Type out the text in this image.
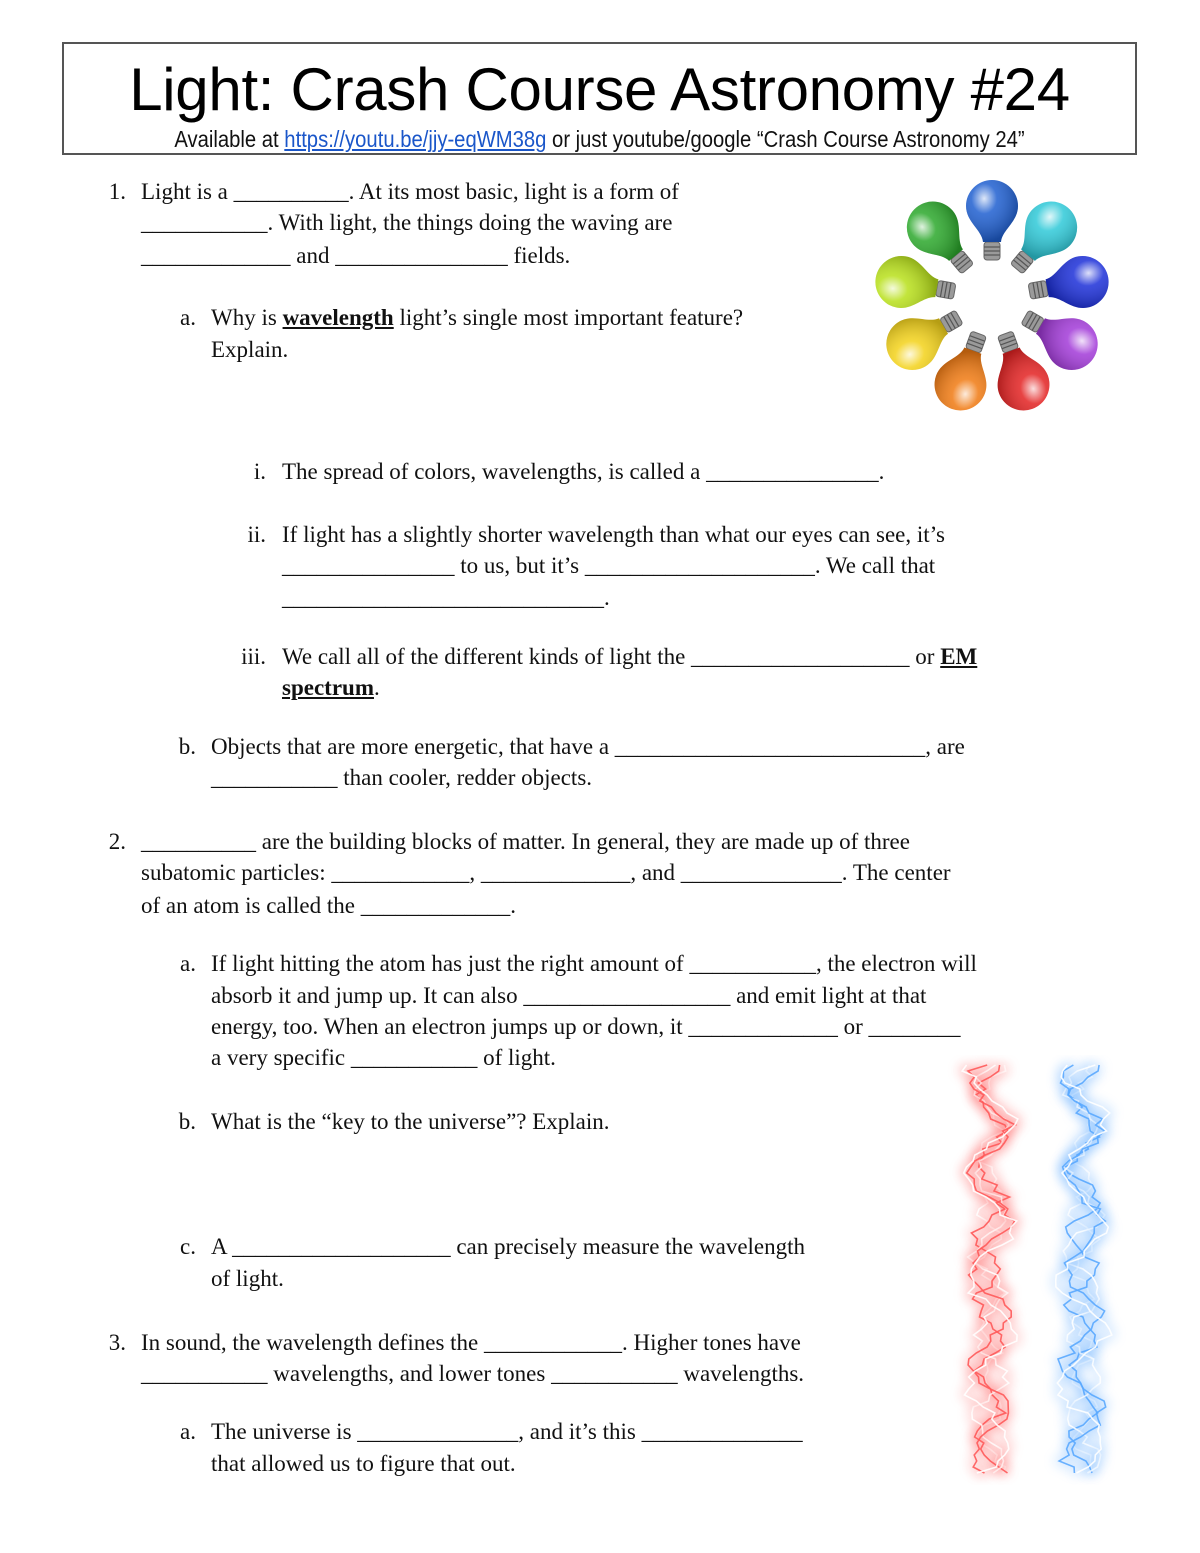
Light: Crash Course Astronomy #24
Available at https://youtu.be/jjy-eqWM38g or just youtube/google “Crash Course Astronomy 24”
1. Light is a __________. At its most basic, light is a form of
___________. With light, the things doing the waving are
_____________ and _______________ fields.
a. Why is wavelength light’s single most important feature?
Explain.
i. The spread of colors, wavelengths, is called a _______________.
ii. If light has a slightly shorter wavelength than what our eyes can see, it’s
_______________ to us, but it’s ____________________. We call that
____________________________.
iii. We call all of the different kinds of light the ___________________ or EM
spectrum.
b. Objects that are more energetic, that have a ___________________________, are
___________ than cooler, redder objects.
2. __________ are the building blocks of matter. In general, they are made up of three
subatomic particles: ____________, _____________, and ______________. The center
of an atom is called the _____________.
a. If light hitting the atom has just the right amount of ___________, the electron will
absorb it and jump up. It can also __________________ and emit light at that
energy, too. When an electron jumps up or down, it _____________ or ________
a very specific ___________ of light.
b. What is the “key to the universe”? Explain.
c. A ___________________ can precisely measure the wavelength
of light.
3. In sound, the wavelength defines the ____________. Higher tones have
___________ wavelengths, and lower tones ___________ wavelengths.
a. The universe is ______________, and it’s this ______________
that allowed us to figure that out.
